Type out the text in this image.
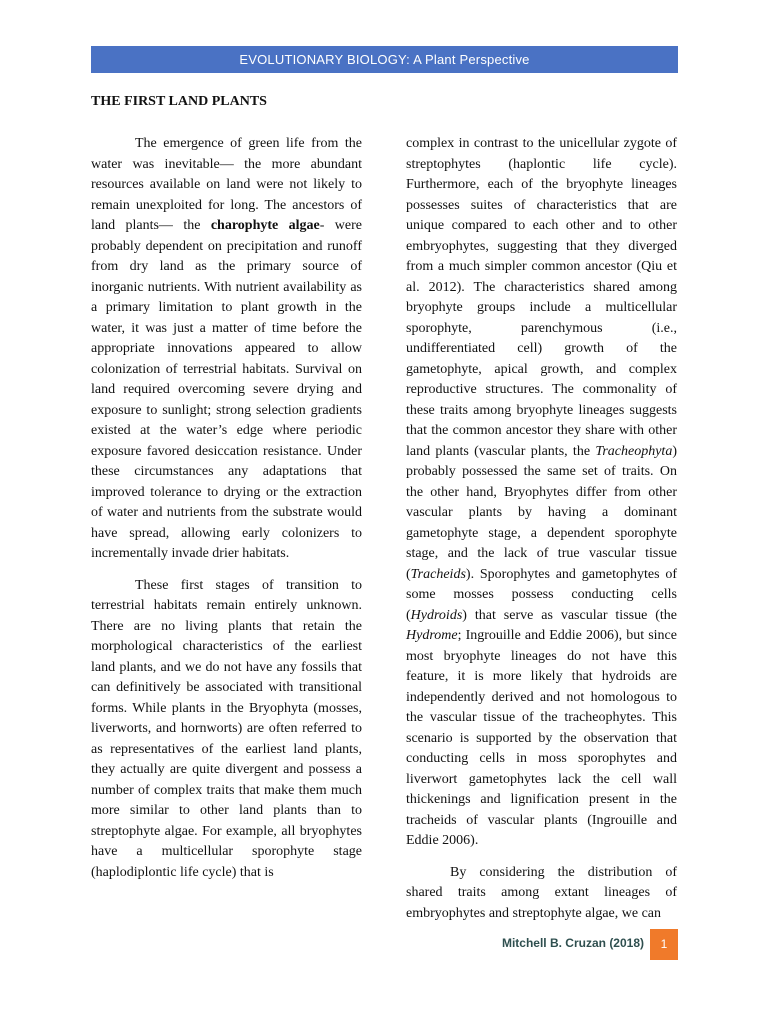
EVOLUTIONARY BIOLOGY: A Plant Perspective
THE FIRST LAND PLANTS

The emergence of green life from the water was inevitable— the more abundant resources available on land were not likely to remain unexploited for long. The ancestors of land plants— the charophyte algae- were probably dependent on precipitation and runoff from dry land as the primary source of inorganic nutrients. With nutrient availability as a primary limitation to plant growth in the water, it was just a matter of time before the appropriate innovations appeared to allow colonization of terrestrial habitats. Survival on land required overcoming severe drying and exposure to sunlight; strong selection gradients existed at the water’s edge where periodic exposure favored desiccation resistance. Under these circumstances any adaptations that improved tolerance to drying or the extraction of water and nutrients from the substrate would have spread, allowing early colonizers to incrementally invade drier habitats.

These first stages of transition to terrestrial habitats remain entirely unknown. There are no living plants that retain the morphological characteristics of the earliest land plants, and we do not have any fossils that can definitively be associated with transitional forms. While plants in the Bryophyta (mosses, liverworts, and hornworts) are often referred to as representatives of the earliest land plants, they actually are quite divergent and possess a number of complex traits that make them much more similar to other land plants than to streptophyte algae. For example, all bryophytes have a multicellular sporophyte stage (haplodiplontic life cycle) that is

complex in contrast to the unicellular zygote of streptophytes (haplontic life cycle). Furthermore, each of the bryophyte lineages possesses suites of characteristics that are unique compared to each other and to other embryophytes, suggesting that they diverged from a much simpler common ancestor (Qiu et al. 2012). The characteristics shared among bryophyte groups include a multicellular sporophyte, parenchymous (i.e., undifferentiated cell) growth of the gametophyte, apical growth, and complex reproductive structures. The commonality of these traits among bryophyte lineages suggests that the common ancestor they share with other land plants (vascular plants, the Tracheophyta) probably possessed the same set of traits. On the other hand, Bryophytes differ from other vascular plants by having a dominant gametophyte stage, a dependent sporophyte stage, and the lack of true vascular tissue (Tracheids). Sporophytes and gametophytes of some mosses possess conducting cells (Hydroids) that serve as vascular tissue (the Hydrome; Ingrouille and Eddie 2006), but since most bryophyte lineages do not have this feature, it is more likely that hydroids are independently derived and not homologous to the vascular tissue of the tracheophytes. This scenario is supported by the observation that conducting cells in moss sporophytes and liverwort gametophytes lack the cell wall thickenings and lignification present in the tracheids of vascular plants (Ingrouille and Eddie 2006).

By considering the distribution of shared traits among extant lineages of embryophytes and streptophyte algae, we can

Mitchell B. Cruzan (2018)	1
